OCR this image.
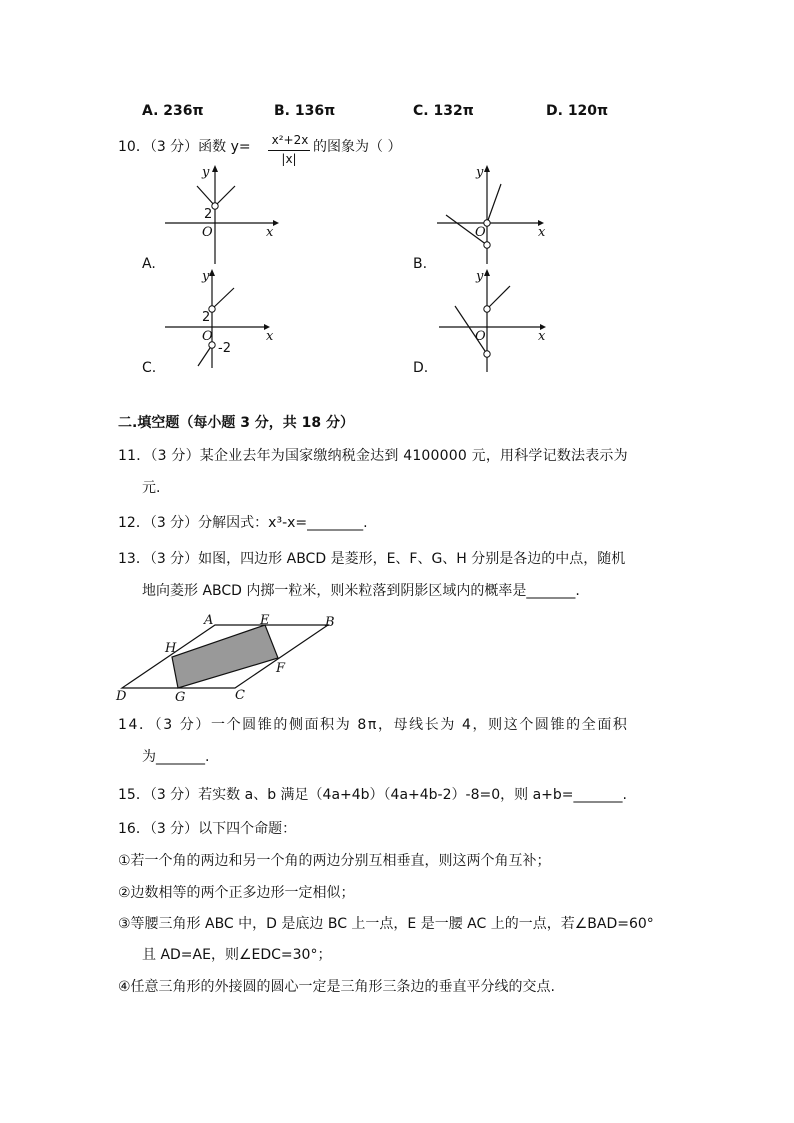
A. 236π	B. 136π	C. 132π	D. 120π
10．（3 分）函数 y=	x²+2x
|x|
的图象为（ ）
y
2
O	x
A.
y
O	x
B.
y
2
O
-2
x
C.
y
O	x
D.
二.填空题（每小题 3 分，共 18 分）
11．（3 分）某企业去年为国家缴纳税金达到 4100000 元，用科学记数法表示为
元.
12．（3 分）分解因式：x³-x=________.
13．（3 分）如图，四边形 ABCD 是菱形，E、F、G、H 分别是各边的中点，随机
地向菱形 ABCD 内掷一粒米，则米粒落到阴影区域内的概率是_______.
A	E	B
H
F
D	G	C
14．（3 分）一个圆锥的侧面积为 8π，母线长为 4，则这个圆锥的全面积
为_______.
15．（3 分）若实数 a、b 满足（4a+4b）（4a+4b-2）-8=0，则 a+b=_______.
16．（3 分）以下四个命题：
①若一个角的两边和另一个角的两边分别互相垂直，则这两个角互补；
②边数相等的两个正多边形一定相似；
③等腰三角形 ABC 中，D 是底边 BC 上一点，E 是一腰 AC 上的一点，若∠BAD=60°
且 AD=AE，则∠EDC=30°；
④任意三角形的外接圆的圆心一定是三角形三条边的垂直平分线的交点.
